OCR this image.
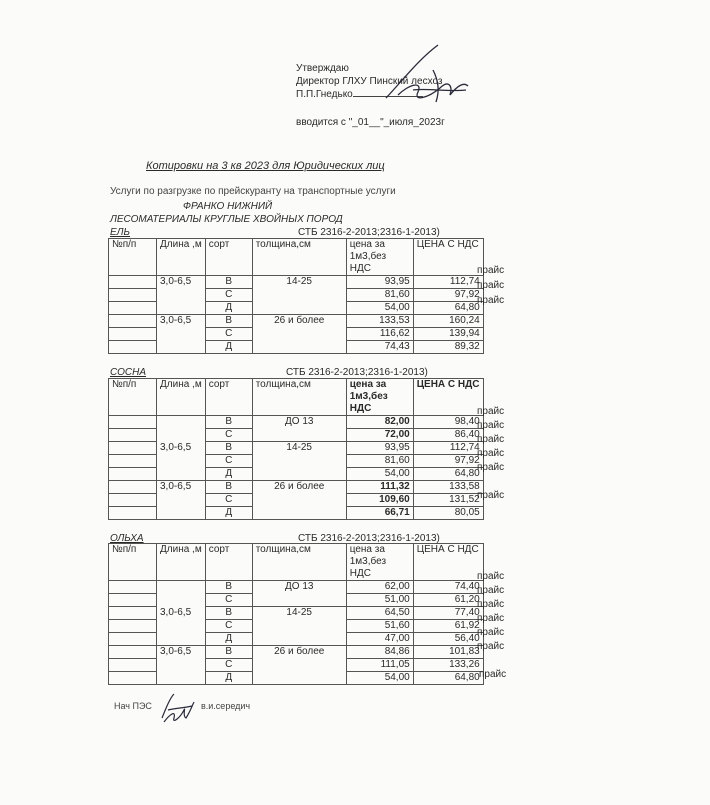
Утверждаю
Директор ГЛХУ Пинский лесхоз
П.П.Гнедько
вводится с "_01__"_июля_2023г
Котировки на 3 кв 2023 для Юридических лиц
Услуги по разгрузке по прейскуранту на транспортные услуги
ФРАНКО НИЖНИЙ
ЛЕСОМАТЕРИАЛЫ КРУГЛЫЕ ХВОЙНЫХ ПОРОД
ЕЛЬ	СТБ 2316-2-2013;2316-1-2013)
№п/п	Длина ,м	сорт	толщина,см	цена за 1м3,без НДС	ЦЕНА С НДС
	3,0-6,5	В	14-25	93,95	112,74
		С		81,60	97,92
		Д		54,00	64,80
	3,0-6,5	В	26 и более	133,53	160,24
		С		116,62	139,94
		Д		74,43	89,32
прайс
прайс
прайс
СОСНА	СТБ 2316-2-2013;2316-1-2013)
№п/п	Длина ,м	сорт	толщина,см	цена за 1м3,без НДС	ЦЕНА С НДС
		В	ДО 13	82,00	98,40
		С		72,00	86,40
	3,0-6,5	В	14-25	93,95	112,74
		С		81,60	97,92
		Д		54,00	64,80
	3,0-6,5	В	26 и более	111,32	133,58
		С		109,60	131,52
		Д		66,71	80,05
прайс
прайс
прайс
прайс
прайс
прайс
ОЛЬХА	СТБ 2316-2-2013;2316-1-2013)
№п/п	Длина ,м	сорт	толщина,см	цена за 1м3,без НДС	ЦЕНА С НДС
		В	ДО 13	62,00	74,40
		С		51,00	61,20
	3,0-6,5	В	14-25	64,50	77,40
		С		51,60	61,92
		Д		47,00	56,40
	3,0-6,5	В	26 и более	84,86	101,83
		С		111,05	133,26
		Д		54,00	64,80
прайс
прайс
прайс
прайс
прайс
прайс
прайс
Нач ПЭС	в.и.середич
